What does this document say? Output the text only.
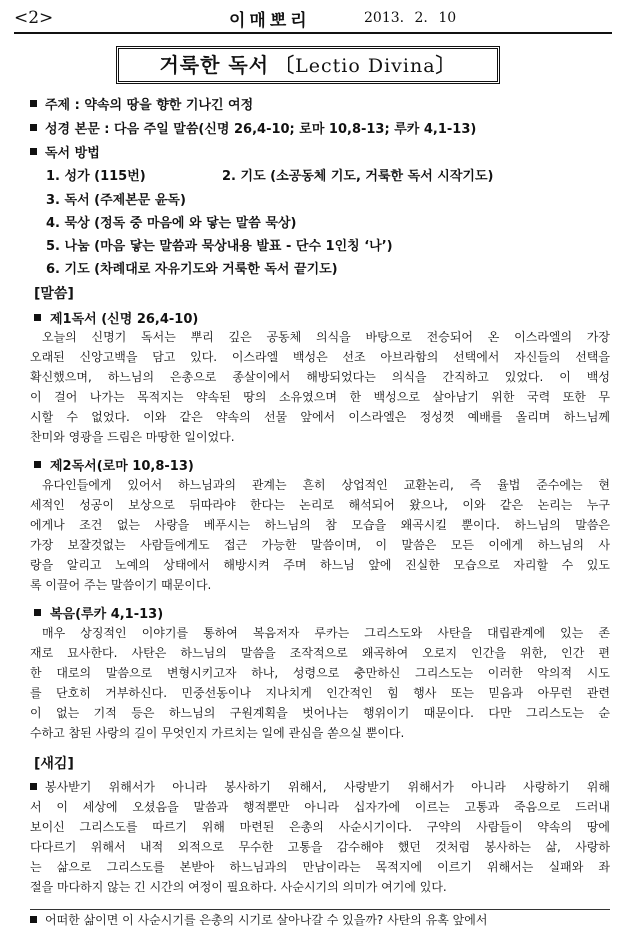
<2>	이매뽀리	2013. 2. 10
거룩한 독서 〔Lectio Divina〕
주제 : 약속의 땅을 향한 기나긴 여정
성경 본문 : 다음 주일 말씀(신명 26,4-10; 로마 10,8-13; 루카 4,1-13)
독서 방법
1. 성가 (115번)	2. 기도 (소공동체 기도, 거룩한 독서 시작기도)
3. 독서 (주제본문 윤독)
4. 묵상 (정독 중 마음에 와 닿는 말씀 묵상)
5. 나눔 (마음 닿는 말씀과 묵상내용 발표 - 단수 1인칭 ‘나’)
6. 기도 (차례대로 자유기도와 거룩한 독서 끝기도)
[말씀]
제1독서 (신명 26,4-10)
오늘의 신명기 독서는 뿌리 깊은 공동체 의식을 바탕으로 전승되어 온 이스라엘의 가장
오래된 신앙고백을 담고 있다. 이스라엘 백성은 선조 아브라함의 선택에서 자신들의 선택을
확신했으며, 하느님의 은총으로 종살이에서 해방되었다는 의식을 간직하고 있었다. 이 백성
이 걸어 나가는 목적지는 약속된 땅의 소유였으며 한 백성으로 살아남기 위한 국력 또한 무
시할 수 없었다. 이와 같은 약속의 선물 앞에서 이스라엘은 정성껏 예배를 올리며 하느님께
찬미와 영광을 드림은 마땅한 일이었다.
제2독서(로마 10,8-13)
유다인들에게 있어서 하느님과의 관계는 흔히 상업적인 교환논리, 즉 율법 준수에는 현
세적인 성공이 보상으로 뒤따라야 한다는 논리로 해석되어 왔으나, 이와 같은 논리는 누구
에게나 조건 없는 사랑을 베푸시는 하느님의 참 모습을 왜곡시킬 뿐이다. 하느님의 말씀은
가장 보잘것없는 사람들에게도 접근 가능한 말씀이며, 이 말씀은 모든 이에게 하느님의 사
랑을 알리고 노예의 상태에서 해방시켜 주며 하느님 앞에 진실한 모습으로 자리할 수 있도
록 이끌어 주는 말씀이기 때문이다.
복음(루카 4,1-13)
매우 상징적인 이야기를 통하여 복음저자 루카는 그리스도와 사탄을 대립관계에 있는 존
재로 묘사한다. 사탄은 하느님의 말씀을 조작적으로 왜곡하여 오로지 인간을 위한, 인간 편
한 대로의 말씀으로 변형시키고자 하나, 성령으로 충만하신 그리스도는 이러한 악의적 시도
를 단호히 거부하신다. 민중선동이나 지나치게 인간적인 힘 행사 또는 믿음과 아무런 관련
이 없는 기적 등은 하느님의 구원계획을 벗어나는 행위이기 때문이다. 다만 그리스도는 순
수하고 참된 사랑의 길이 무엇인지 가르치는 일에 관심을 쏟으실 뿐이다.
[새김]
봉사받기 위해서가 아니라 봉사하기 위해서, 사랑받기 위해서가 아니라 사랑하기 위해
서 이 세상에 오셨음을 말씀과 행적뿐만 아니라 십자가에 이르는 고통과 죽음으로 드러내
보이신 그리스도를 따르기 위해 마련된 은총의 사순시기이다. 구약의 사람들이 약속의 땅에
다다르기 위해서 내적 외적으로 무수한 고통을 감수해야 했던 것처럼 봉사하는 삶, 사랑하
는 삶으로 그리스도를 본받아 하느님과의 만남이라는 목적지에 이르기 위해서는 실패와 좌
절을 마다하지 않는 긴 시간의 여정이 필요하다. 사순시기의 의미가 여기에 있다.
어떠한 삶이면 이 사순시기를 은총의 시기로 살아나갈 수 있을까? 사탄의 유혹 앞에서
